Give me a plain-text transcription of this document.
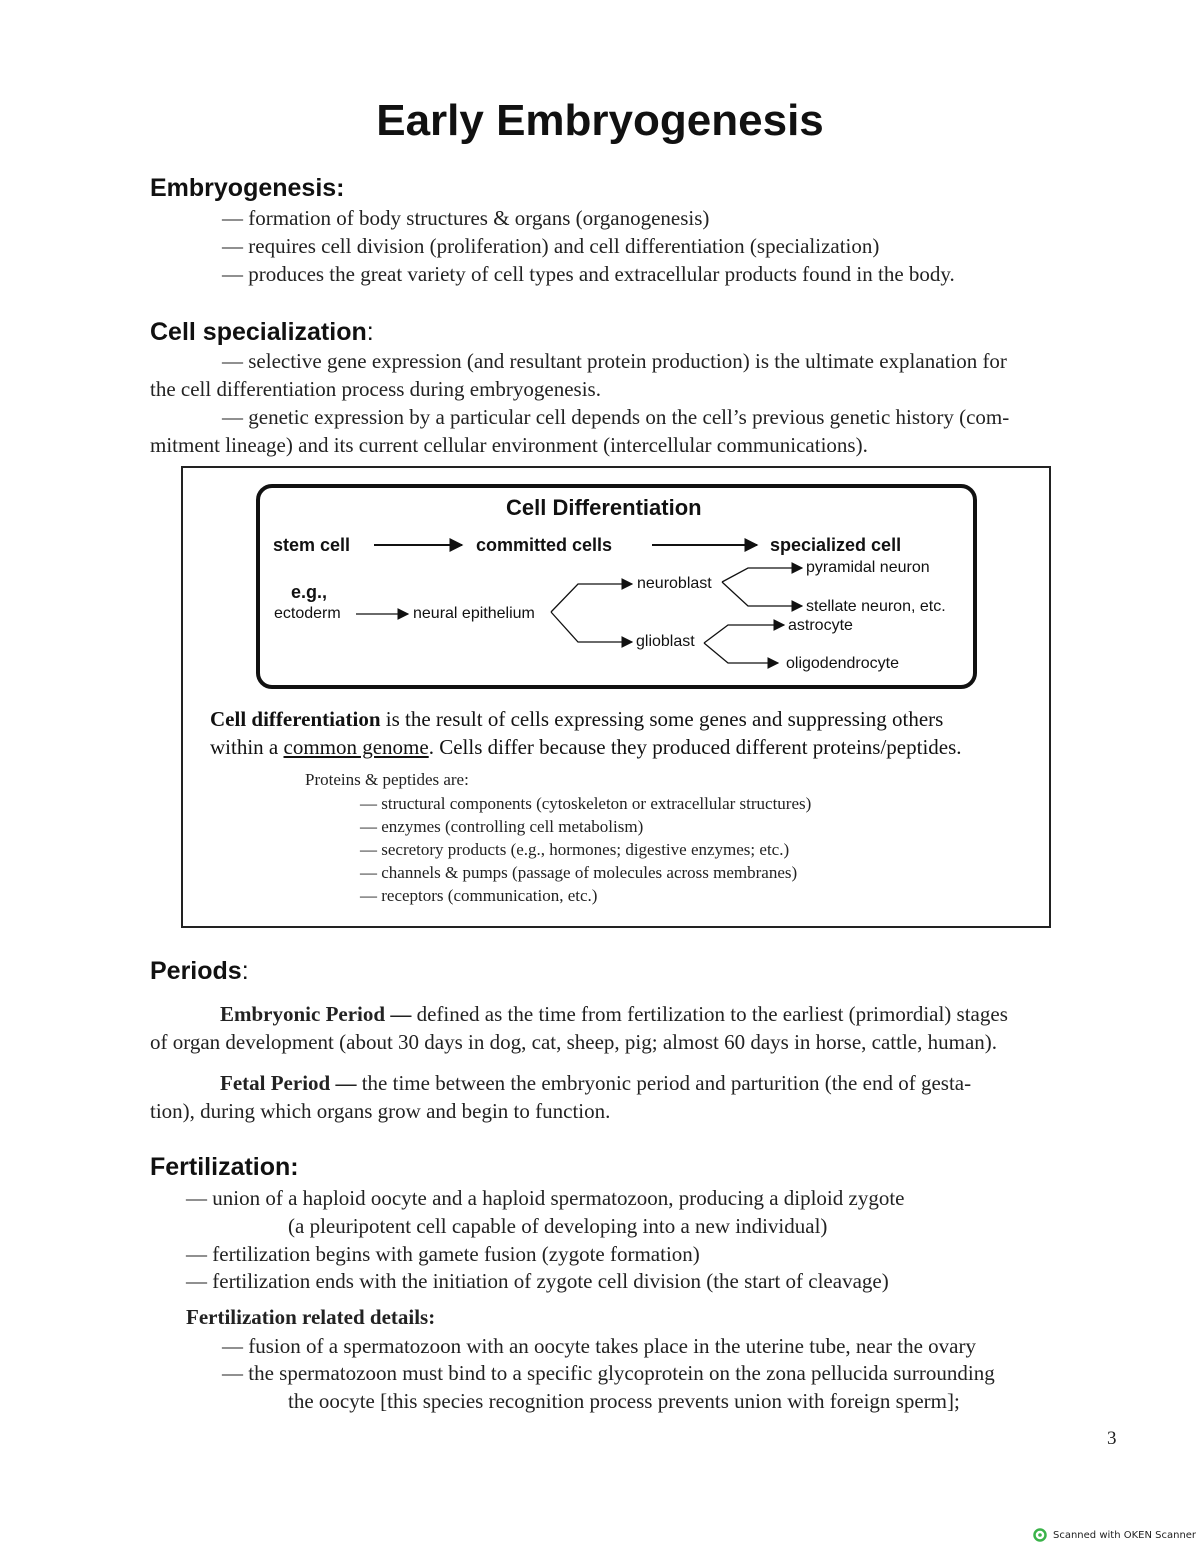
Early Embryogenesis
Embryogenesis:
— formation of body structures & organs (organogenesis)
— requires cell division (proliferation) and cell differentiation (specialization)
— produces the great variety of cell types and extracellular products found in the body.
Cell specialization:
— selective gene expression (and resultant protein production) is the ultimate explanation for
the cell differentiation process during embryogenesis.
— genetic expression by a particular cell depends on the cell’s previous genetic history (com-
mitment lineage) and its current cellular environment (intercellular communications).
Cell Differentiation
stem cell	committed cells	specialized cell
e.g.,
ectoderm	neural epithelium
neuroblast
glioblast
pyramidal neuron
stellate neuron, etc.
astrocyte
oligodendrocyte
Cell differentiation is the result of cells expressing some genes and suppressing others
within a common genome. Cells differ because they produced different proteins/peptides.
Proteins & peptides are:
— structural components (cytoskeleton or extracellular structures)
— enzymes (controlling cell metabolism)
— secretory products (e.g., hormones; digestive enzymes; etc.)
— channels & pumps (passage of molecules across membranes)
— receptors (communication, etc.)
Periods:
Embryonic Period — defined as the time from fertilization to the earliest (primordial) stages
of organ development (about 30 days in dog, cat, sheep, pig; almost 60 days in horse, cattle, human).
Fetal Period — the time between the embryonic period and parturition (the end of gesta-
tion), during which organs grow and begin to function.
Fertilization:
— union of a haploid oocyte and a haploid spermatozoon, producing a diploid zygote
(a pleuripotent cell capable of developing into a new individual)
— fertilization begins with gamete fusion (zygote formation)
— fertilization ends with the initiation of zygote cell division (the start of cleavage)
Fertilization related details:
— fusion of a spermatozoon with an oocyte takes place in the uterine tube, near the ovary
— the spermatozoon must bind to a specific glycoprotein on the zona pellucida surrounding
the oocyte [this species recognition process prevents union with foreign sperm];
3
Scanned with OKEN Scanner
